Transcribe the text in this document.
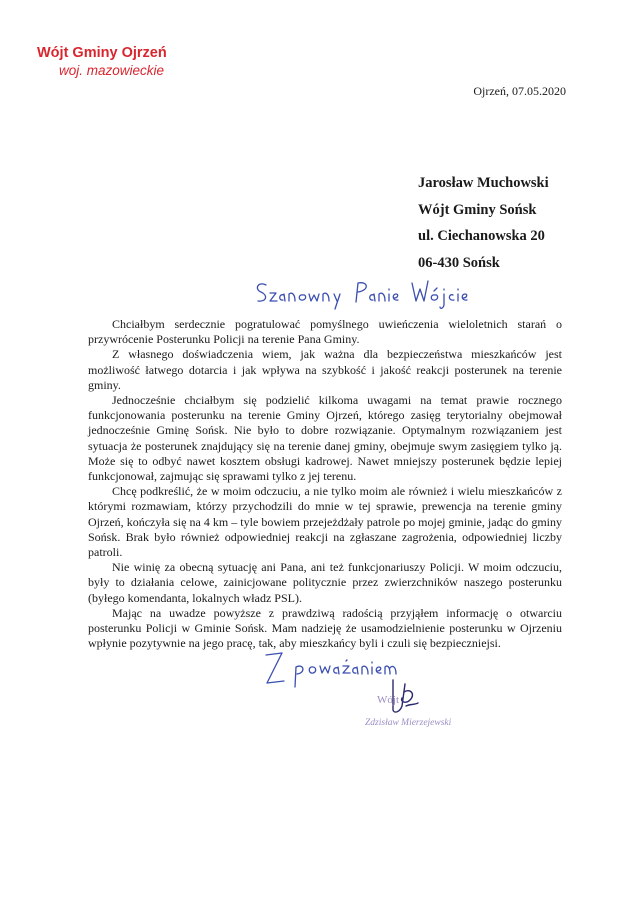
Wójt Gminy Ojrzeń
woj. mazowieckie
Ojrzeń, 07.05.2020
Jarosław Muchowski
Wójt Gminy Sońsk
ul. Ciechanowska 20
06-430 Sońsk

Chciałbym serdecznie pogratulować pomyślnego uwieńczenia wieloletnich starań o przywrócenie Posterunku Policji na terenie Pana Gminy.

Z własnego doświadczenia wiem, jak ważna dla bezpieczeństwa mieszkańców jest możliwość łatwego dotarcia i jak wpływa na szybkość i jakość reakcji posterunek na terenie gminy.

Jednocześnie chciałbym się podzielić kilkoma uwagami na temat prawie rocznego funkcjonowania posterunku na terenie Gminy Ojrzeń, którego zasięg terytorialny obejmował jednocześnie Gminę Sońsk. Nie było to dobre rozwiązanie. Optymalnym rozwiązaniem jest sytuacja że posterunek znajdujący się na terenie danej gminy, obejmuje swym zasięgiem tylko ją. Może się to odbyć nawet kosztem obsługi kadrowej. Nawet mniejszy posterunek będzie lepiej funkcjonował, zajmując się sprawami tylko z jej terenu.

Chcę podkreślić, że w moim odczuciu, a nie tylko moim ale również i wielu mieszkańców z którymi rozmawiam, którzy przychodzili do mnie w tej sprawie, prewencja na terenie gminy Ojrzeń, kończyła się na 4 km – tyle bowiem przejeżdżały patrole po mojej gminie, jadąc do gminy Sońsk. Brak było również odpowiedniej reakcji na zgłaszane zagrożenia, odpowiedniej liczby patroli.

Nie winię za obecną sytuację ani Pana, ani też funkcjonariuszy Policji. W moim odczuciu, były to działania celowe, zainicjowane politycznie przez zwierzchników naszego posterunku (byłego komendanta, lokalnych władz PSL).

Mając na uwadze powyższe z prawdziwą radością przyjąłem informację o otwarciu posterunku Policji w Gminie Sońsk. Mam nadzieję że usamodzielnienie posterunku w Ojrzeniu wpłynie pozytywnie na jego pracę, tak, aby mieszkańcy byli i czuli się bezpieczniejsi.

Wójt
Zdzisław Mierzejewski
